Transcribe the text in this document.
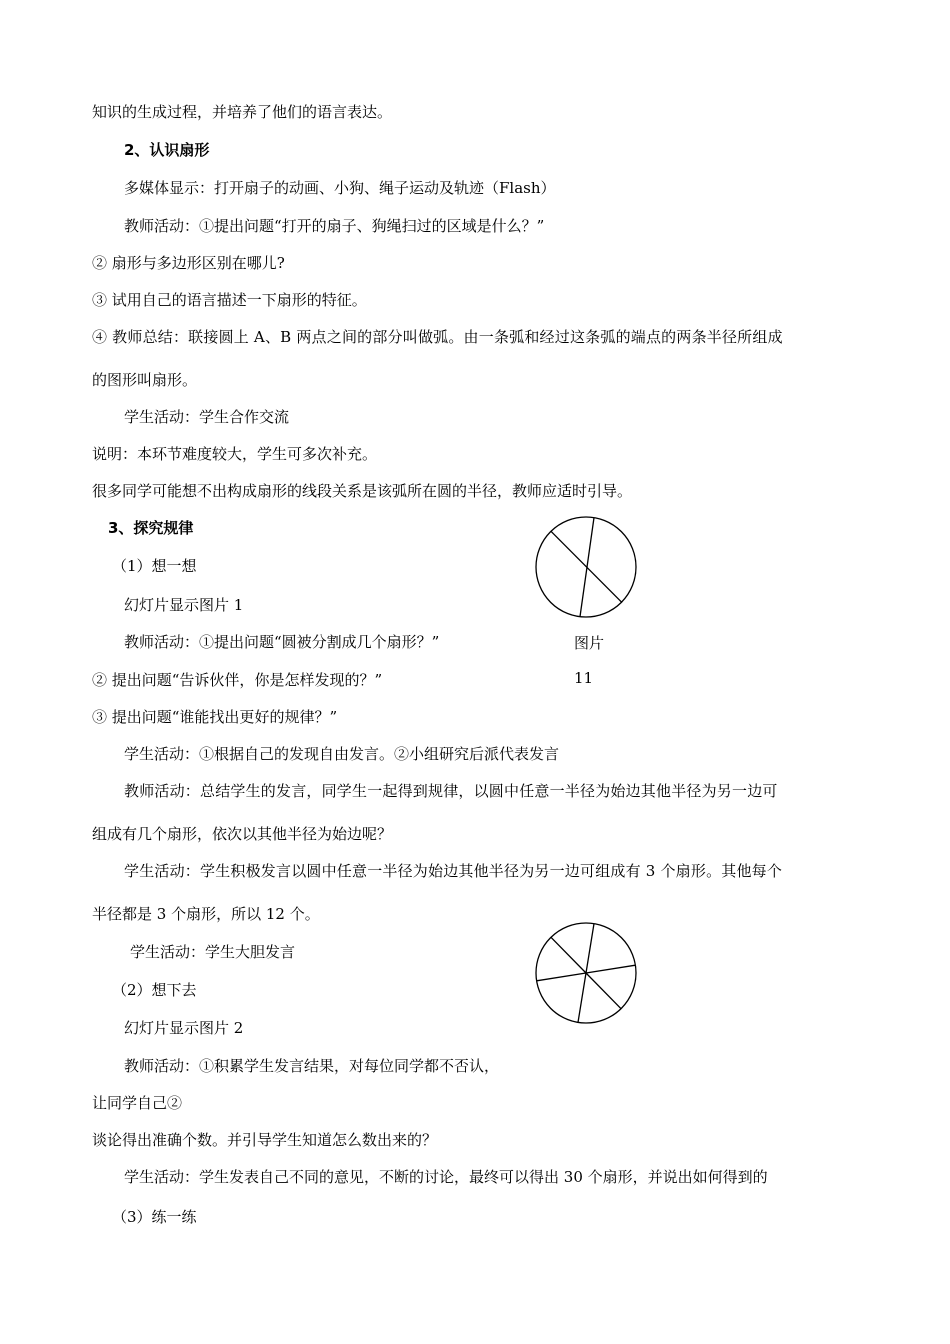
知识的生成过程，并培养了他们的语言表达。
2、认识扇形
多媒体显示：打开扇子的动画、小狗、绳子运动及轨迹（Flash）
教师活动：①提出问题“打开的扇子、狗绳扫过的区域是什么？”
② 扇形与多边形区别在哪儿?
③ 试用自己的语言描述一下扇形的特征。
④ 教师总结：联接圆上 A、B 两点之间的部分叫做弧。由一条弧和经过这条弧的端点的两条半径所组成
的图形叫扇形。
学生活动：学生合作交流
说明：本环节难度较大，学生可多次补充。
很多同学可能想不出构成扇形的线段关系是该弧所在圆的半径，教师应适时引导。
3、探究规律
（1）想一想
幻灯片显示图片 1
教师活动：①提出问题“圆被分割成几个扇形？”
② 提出问题“告诉伙伴，你是怎样发现的？”
③ 提出问题“谁能找出更好的规律？”
学生活动：①根据自己的发现自由发言。②小组研究后派代表发言
教师活动：总结学生的发言，同学生一起得到规律，以圆中任意一半径为始边其他半径为另一边可
组成有几个扇形，依次以其他半径为始边呢？
学生活动：学生积极发言以圆中任意一半径为始边其他半径为另一边可组成有 3 个扇形。其他每个
半径都是 3 个扇形，所以 12 个。
学生活动：学生大胆发言
（2）想下去
幻灯片显示图片 2
教师活动：①积累学生发言结果，对每位同学都不否认，
让同学自己②
谈论得出准确个数。并引导学生知道怎么数出来的？
学生活动：学生发表自己不同的意见，不断的讨论，最终可以得出 30 个扇形，并说出如何得到的
（3）练一练
图片
11
